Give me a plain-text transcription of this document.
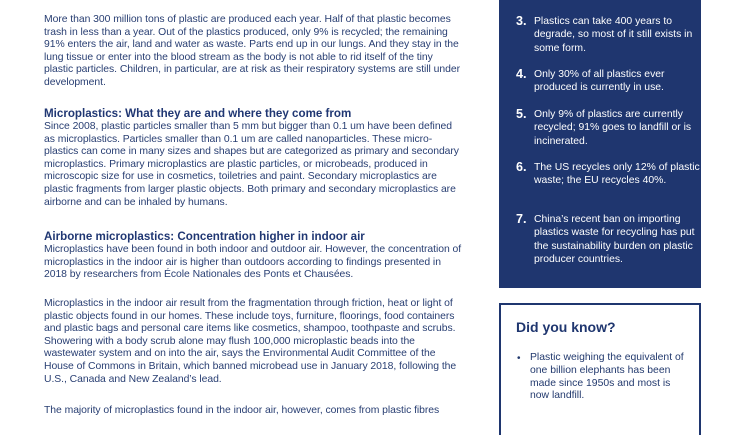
More than 300 million tons of plastic are produced each year. Half of that plastic becomes trash in less than a year. Out of the plastics produced, only 9% is recycled; the remaining 91% enters the air, land and water as waste. Parts end up in our lungs. And they stay in the lung tissue or enter into the blood stream as the body is not able to rid itself of the tiny plastic particles. Children, in particular, are at risk as their respiratory systems are still under development.

Microplastics: What they are and where they come from

Since 2008, plastic particles smaller than 5 mm but bigger than 0.1 um have been defined as microplastics. Particles smaller than 0.1 um are called nanoparticles. These micro-plastics can come in many sizes and shapes but are categorized as primary and secondary microplastics. Primary microplastics are plastic particles, or microbeads, produced in microscopic size for use in cosmetics, toiletries and paint. Secondary microplastics are plastic fragments from larger plastic objects. Both primary and secondary microplastics are airborne and can be inhaled by humans.

Airborne microplastics: Concentration higher in indoor air

Microplastics have been found in both indoor and outdoor air. However, the concentration of microplastics in the indoor air is higher than outdoors according to findings presented in 2018 by researchers from École Nationales des Ponts et Chausées.

Microplastics in the indoor air result from the fragmentation through friction, heat or light of plastic objects found in our homes. These include toys, furniture, floorings, food containers and plastic bags and personal care items like cosmetics, shampoo, toothpaste and scrubs. Showering with a body scrub alone may flush 100,000 microplastic beads into the wastewater system and on into the air, says the Environmental Audit Committee of the House of Commons in Britain, which banned microbead use in January 2018, following the U.S., Canada and New Zealand’s lead.

The majority of microplastics found in the indoor air, however, comes from plastic fibres

3. Plastics can take 400 years to degrade, so most of it still exists in some form.
4. Only 30% of all plastics ever produced is currently in use.
5. Only 9% of plastics are currently recycled; 91% goes to landfill or is incinerated.
6. The US recycles only 12% of plastic waste; the EU recycles 40%.
7. China’s recent ban on importing plastics waste for recycling has put the sustainability burden on plastic producer countries.
Did you know?
• Plastic weighing the equivalent of one billion elephants has been made since 1950s and most is now landfill.
